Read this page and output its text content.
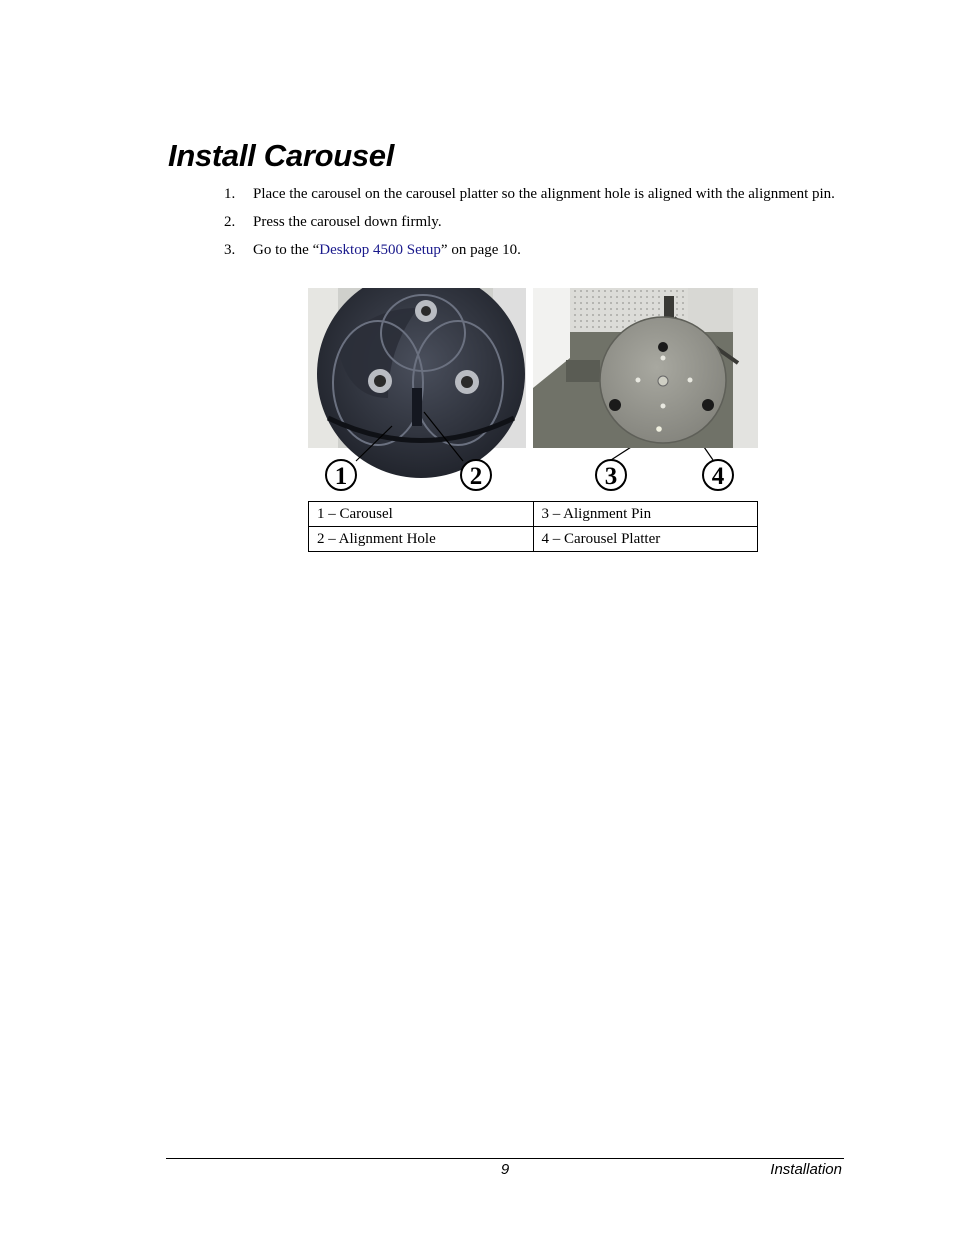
Install Carousel
1. Place the carousel on the carousel platter so the alignment hole is aligned with the alignment pin.
2. Press the carousel down firmly.
3. Go to the “Desktop 4500 Setup” on page 10.
1	2	3	4
1 – Carousel	3 – Alignment Pin
2 – Alignment Hole	4 – Carousel Platter
9	Installation
